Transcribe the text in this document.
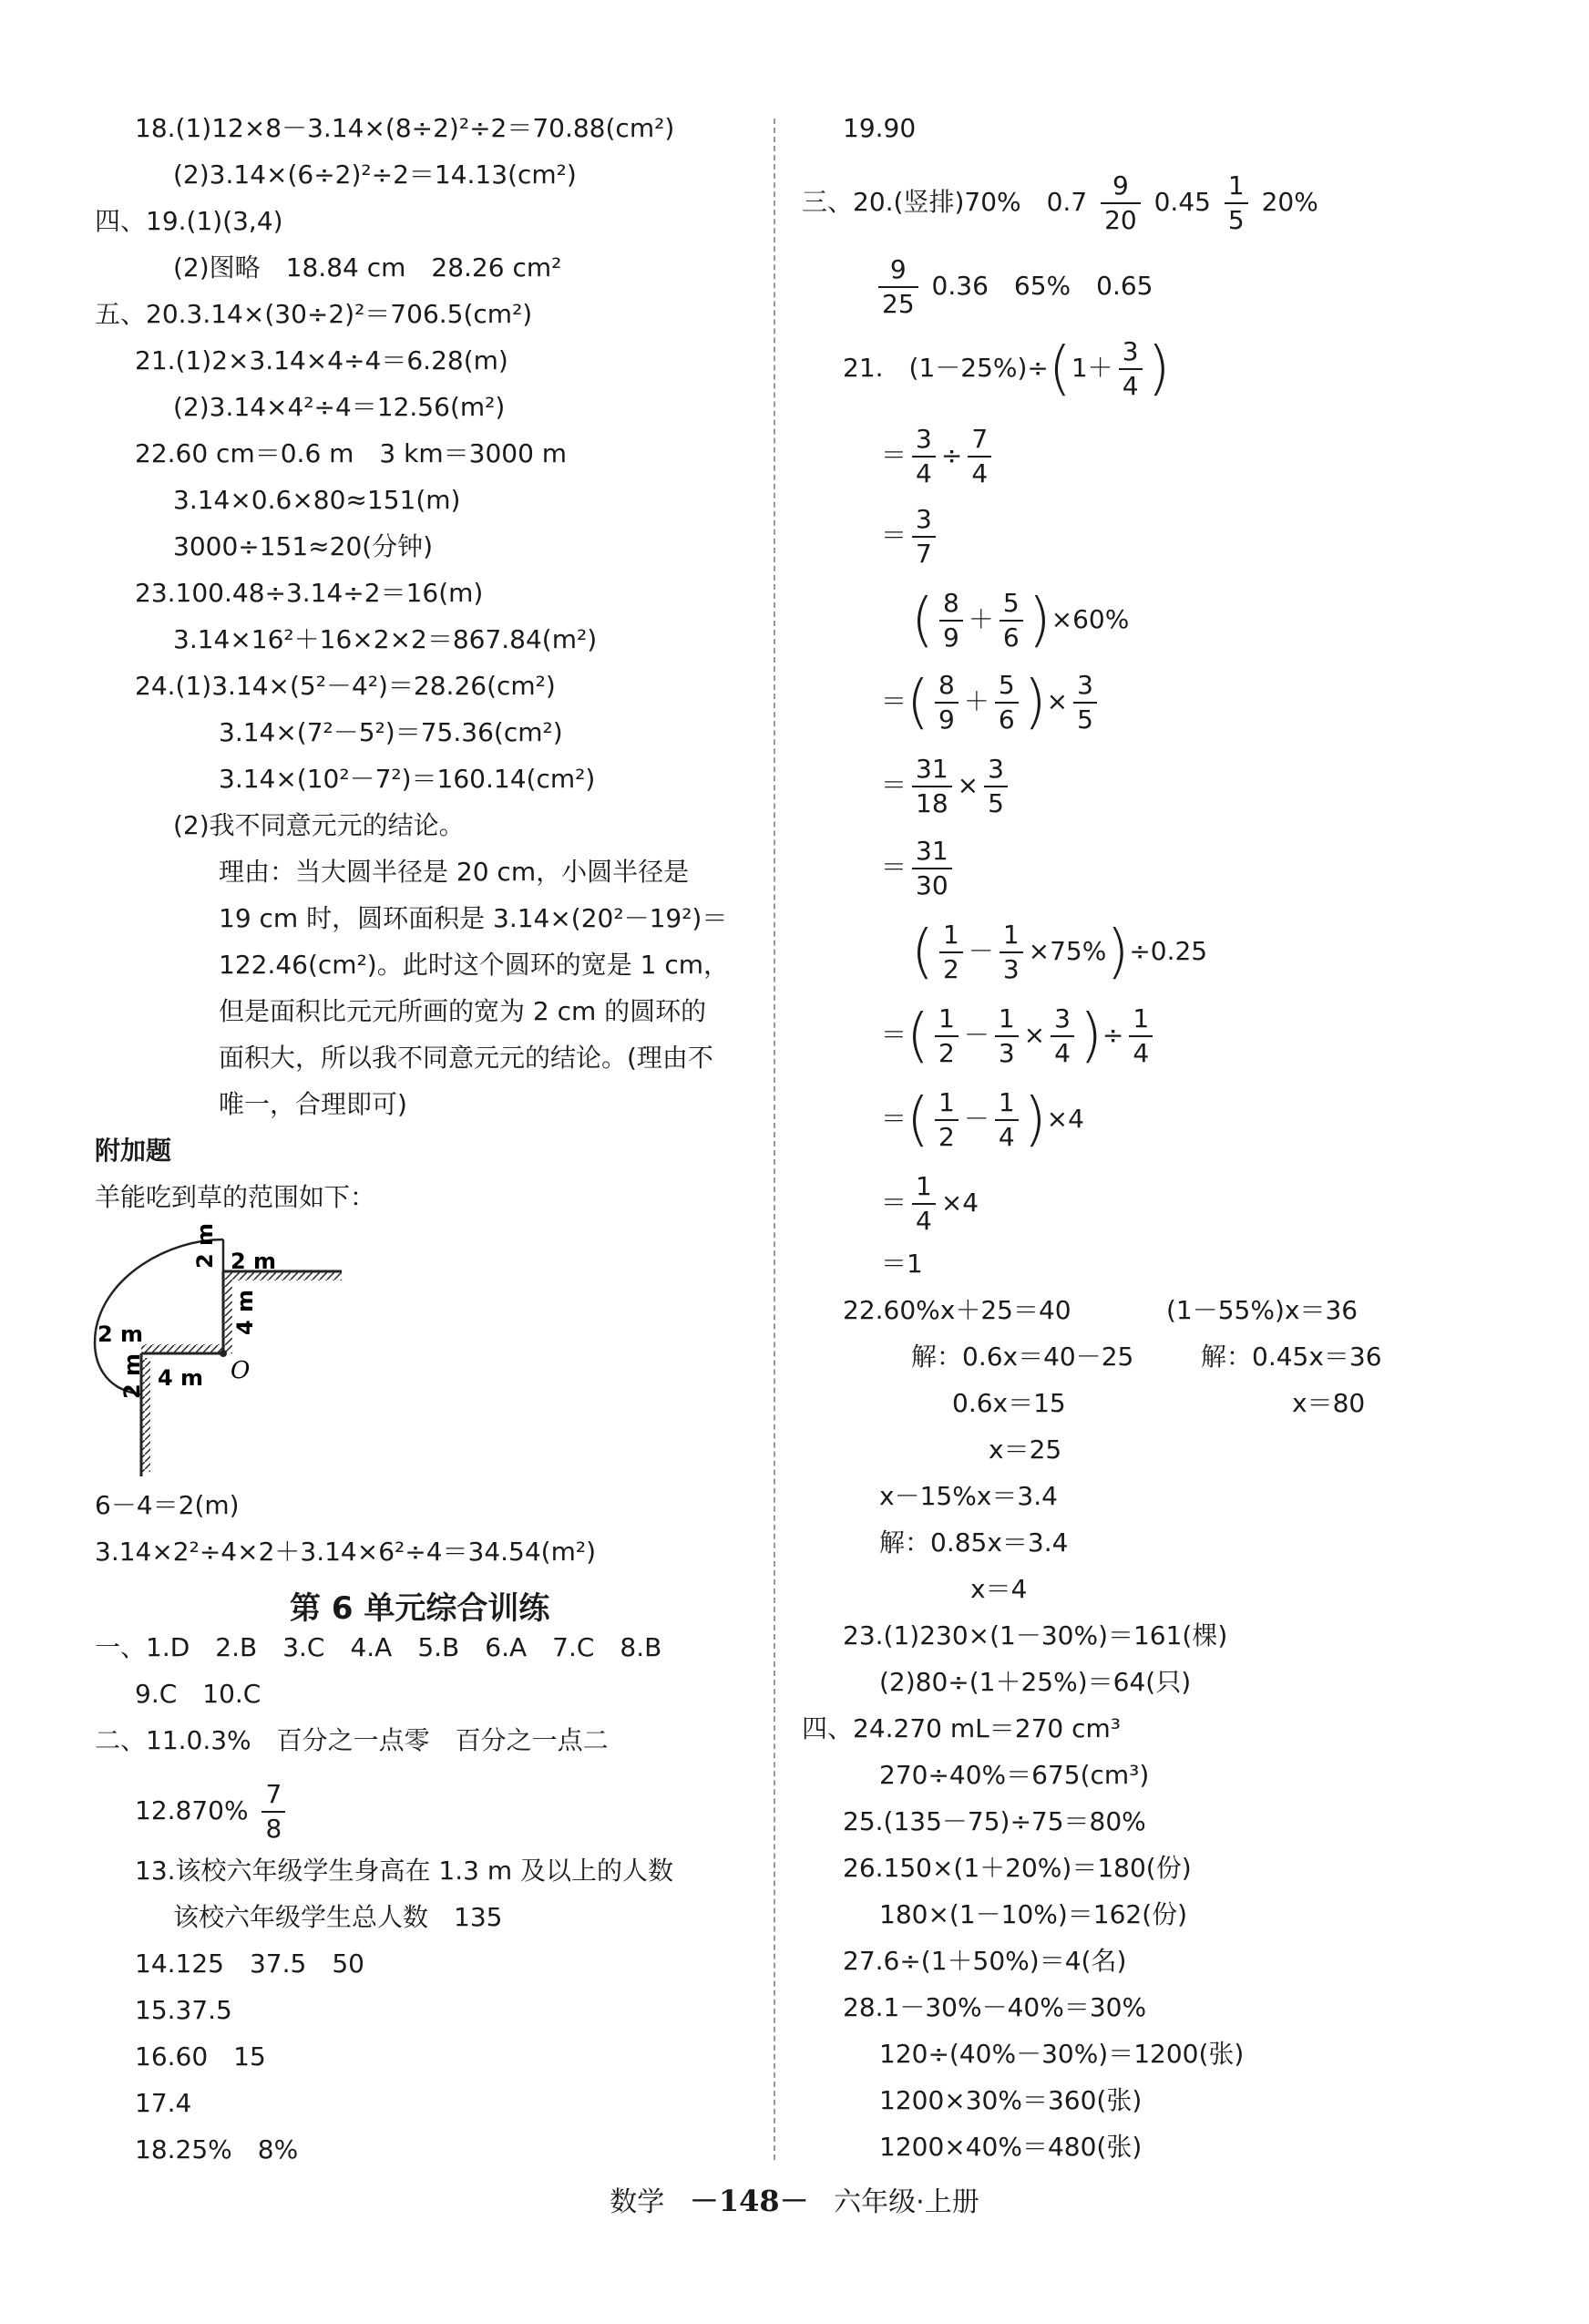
18.(1)12×8－3.14×(8÷2)²÷2＝70.88(cm²)
(2)3.14×(6÷2)²÷2＝14.13(cm²)
四、19.(1)(3,4)
(2)图略　18.84 cm　28.26 cm²
五、20.3.14×(30÷2)²＝706.5(cm²)
21.(1)2×3.14×4÷4＝6.28(m)
(2)3.14×4²÷4＝12.56(m²)
22.60 cm＝0.6 m　3 km＝3000 m
3.14×0.6×80≈151(m)
3000÷151≈20(分钟)
23.100.48÷3.14÷2＝16(m)
3.14×16²＋16×2×2＝867.84(m²)
24.(1)3.14×(5²－4²)＝28.26(cm²)
3.14×(7²－5²)＝75.36(cm²)
3.14×(10²－7²)＝160.14(cm²)
(2)我不同意元元的结论。
理由：当大圆半径是 20 cm，小圆半径是
19 cm 时，圆环面积是 3.14×(20²－19²)＝
122.46(cm²)。此时这个圆环的宽是 1 cm，
但是面积比元元所画的宽为 2 cm 的圆环的
面积大，所以我不同意元元的结论。(理由不
唯一，合理即可)
附加题
羊能吃到草的范围如下：
2 m 2 m
4 m
2 m
2 m 4 m O
6－4＝2(m)
3.14×2²÷4×2＋3.14×6²÷4＝34.54(m²)
第 6 单元综合训练
一、1.D　2.B　3.C　4.A　5.B　6.A　7.C　8.B
9.C　10.C
二、11.0.3%　百分之一点零　百分之一点二
$12.870\% \frac{7}{8}$
13.该校六年级学生身高在 1.3 m 及以上的人数
该校六年级学生总人数　135
14.125　37.5　50
15.37.5
16.60　15
17.4
18.25%　8%
19.90
三、20.(竖排)70%　$0.7 \frac{9}{20} 0.45 \frac{1}{5} 20\%$
$\frac{9}{25} 0.36$　65%　0.65
21.　$(1-25\%)\div(1+ \frac{3}{4}$ )
＝ $\frac{3}{4} \div \frac{7}{4}$
＝ $\frac{3}{7}$
( $\frac{8}{9} + \frac{5}{6} )\times 60\%$
＝( $\frac{8}{9} + \frac{5}{6}$ )× $\frac{3}{5}$
＝ $\frac{31}{18} \times \frac{3}{5}$
＝ $\frac{31}{30}$
( $\frac{1}{2} - \frac{1}{3} \times 75\%)\div 0.25$
＝( $\frac{1}{2} - \frac{1}{3} \times \frac{3}{4}$ )÷ $\frac{1}{4}$
＝( $\frac{1}{2} - \frac{1}{4} )\times 4$
＝ $\frac{1}{4} \times 4$
＝1
22.60%x＋25＝40	(1－55%)x＝36
解：0.6x＝40－25	解：0.45x＝36
0.6x＝15	x＝80
x＝25
x－15%x＝3.4
解：0.85x＝3.4
x＝4
23.(1)230×(1－30%)＝161(棵)
(2)80÷(1＋25%)＝64(只)
四、24.270 mL＝270 cm³
270÷40%＝675(cm³)
25.(135－75)÷75＝80%
26.150×(1＋20%)＝180(份)
180×(1－10%)＝162(份)
27.6÷(1＋50%)＝4(名)
28.1－30%－40%＝30%
120÷(40%－30%)＝1200(张)
1200×30%＝360(张)
1200×40%＝480(张)
数学 －148－ 六年级·上册
